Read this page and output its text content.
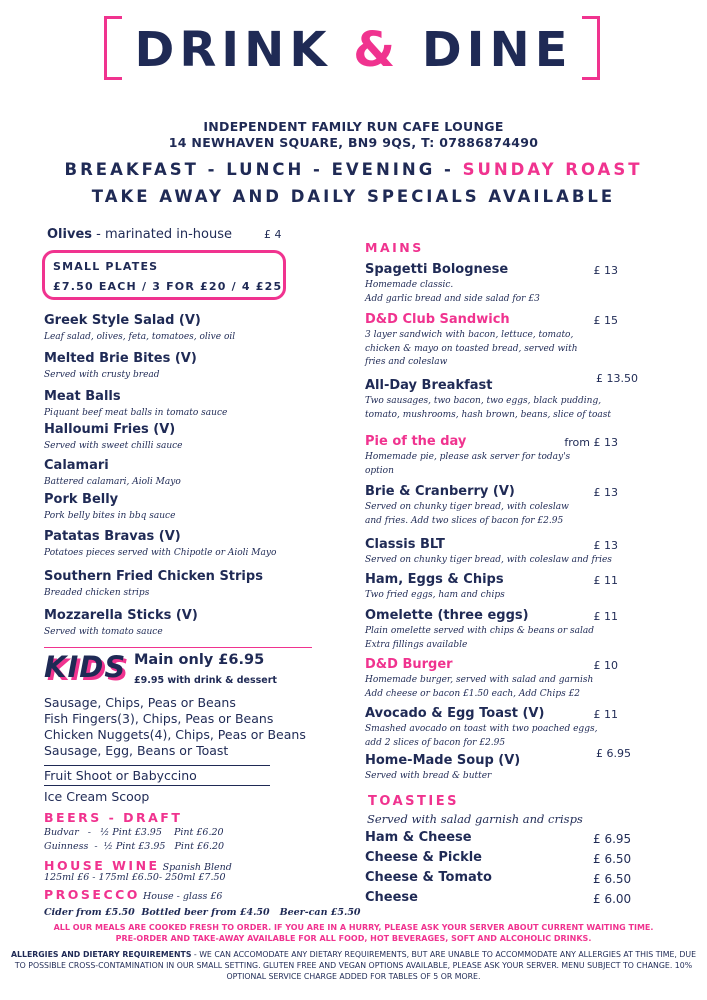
DRINK & DINE
INDEPENDENT FAMILY RUN CAFE LOUNGE
14 NEWHAVEN SQUARE, BN9 9QS, T: 07886874490
BREAKFAST - LUNCH - EVENING - SUNDAY ROAST
TAKE AWAY AND DAILY SPECIALS AVAILABLE
Olives - marinated in-house	£ 4
SMALL PLATES
£7.50 EACH / 3 FOR £20 / 4 £25
Greek Style Salad (V)
Leaf salad, olives, feta, tomatoes, olive oil
Melted Brie Bites (V)
Served with crusty bread
Meat Balls
Piquant beef meat balls in tomato sauce
Halloumi Fries (V)
Served with sweet chilli sauce
Calamari
Battered calamari, Aioli Mayo
Pork Belly
Pork belly bites in bbq sauce
Patatas Bravas (V)
Potatoes pieces served with Chipotle or Aioli Mayo
Southern Fried Chicken Strips
Breaded chicken strips
Mozzarella Sticks (V)
Served with tomato sauce
KIDS Main only £6.95
£9.95 with drink & dessert
Sausage, Chips, Peas or Beans
Fish Fingers(3), Chips, Peas or Beans
Chicken Nuggets(4), Chips, Peas or Beans
Sausage, Egg, Beans or Toast
Fruit Shoot or Babyccino
Ice Cream Scoop
BEERS - DRAFT
Budvar   -   ½ Pint £3.95    Pint £6.20
Guinness  -  ½ Pint £3.95   Pint £6.20
HOUSE WINE Spanish Blend
125ml £6 - 175ml £6.50- 250ml £7.50
PROSECCO House - glass £6
Cider from £5.50  Bottled beer from £4.50   Beer-can £5.50
MAINS
Spagetti Bolognese	£ 13
Homemade classic.
Add garlic bread and side salad for £3
D&D Club Sandwich	£ 15
3 layer sandwich with bacon, lettuce, tomato,
chicken & mayo on toasted bread, served with
fries and coleslaw
All-Day Breakfast	£ 13.50
Two sausages, two bacon, two eggs, black pudding,
tomato, mushrooms, hash brown, beans, slice of toast
Pie of the day	from £ 13
Homemade pie, please ask server for today's
option
Brie & Cranberry (V)	£ 13
Served on chunky tiger bread, with coleslaw
and fries. Add two slices of bacon for £2.95
Classis BLT	£ 13
Served on chunky tiger bread, with coleslaw and fries
Ham, Eggs & Chips	£ 11
Two fried eggs, ham and chips
Omelette (three eggs)	£ 11
Plain omelette served with chips & beans or salad
Extra fillings available
D&D Burger	£ 10
Homemade burger, served with salad and garnish
Add cheese or bacon £1.50 each, Add Chips £2
Avocado & Egg Toast (V)	£ 11
Smashed avocado on toast with two poached eggs,
add 2 slices of bacon for £2.95
Home-Made Soup (V)	£ 6.95
Served with bread & butter
TOASTIES
Served with salad garnish and crisps
Ham & Cheese	£ 6.95
Cheese & Pickle	£ 6.50
Cheese & Tomato	£ 6.50
Cheese	£ 6.00
ALL OUR MEALS ARE COOKED FRESH TO ORDER. IF YOU ARE IN A HURRY, PLEASE ASK YOUR SERVER ABOUT CURRENT WAITING TIME.
PRE-ORDER AND TAKE-AWAY AVAILABLE FOR ALL FOOD, HOT BEVERAGES, SOFT AND ALCOHOLIC DRINKS.
ALLERGIES AND DIETARY REQUIREMENTS - WE CAN ACCOMODATE ANY DIETARY REQUIREMENTS, BUT ARE UNABLE TO ACCOMMODATE ANY ALLERGIES AT THIS TIME, DUE TO POSSIBLE CROSS-CONTAMINATION IN OUR SMALL SETTING. GLUTEN FREE AND VEGAN OPTIONS AVAILABLE, PLEASE ASK YOUR SERVER. MENU SUBJECT TO CHANGE. 10% OPTIONAL SERVICE CHARGE ADDED FOR TABLES OF 5 OR MORE.
